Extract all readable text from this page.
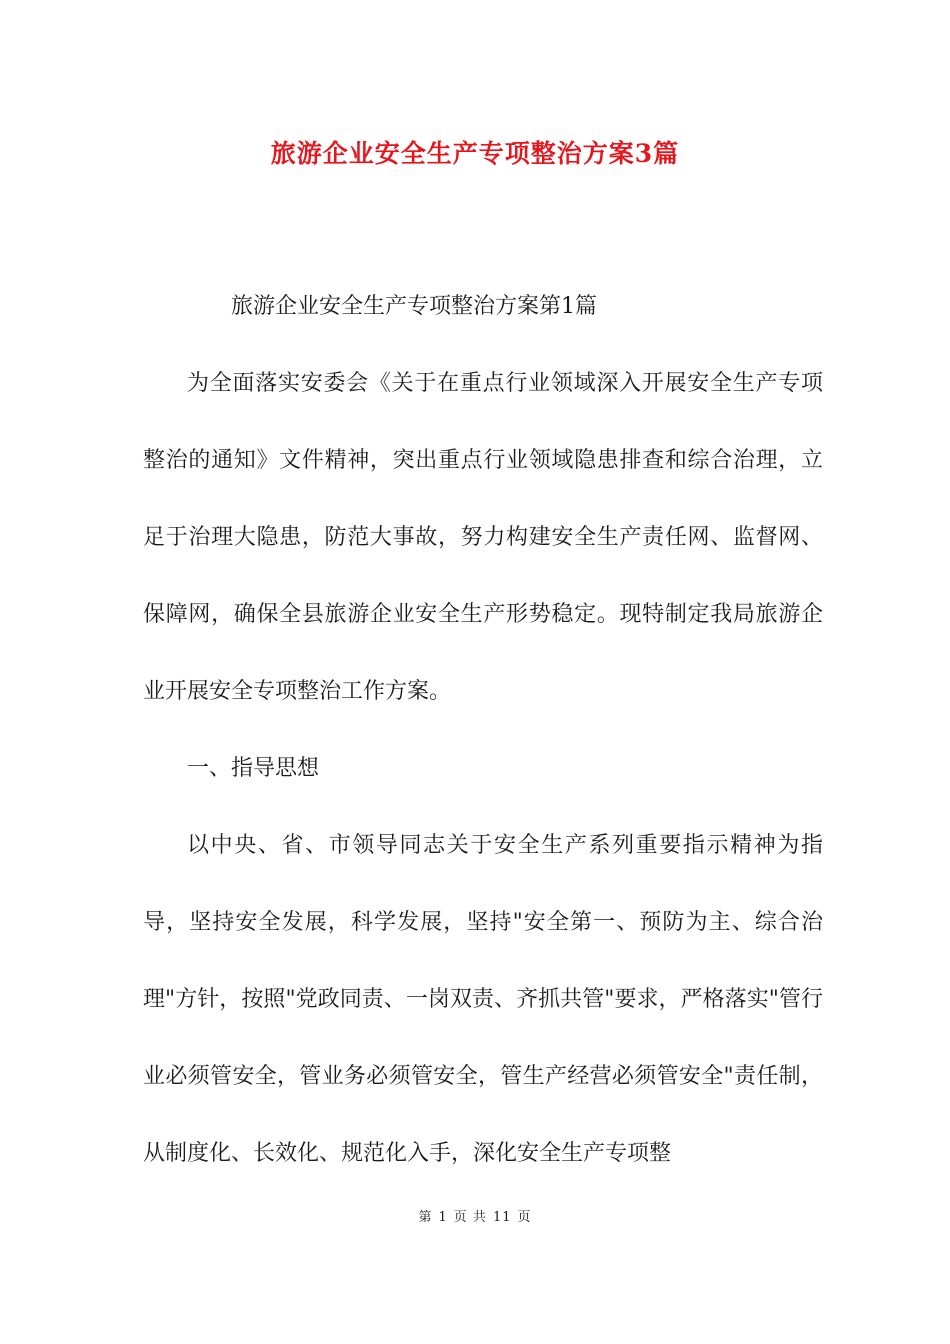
旅游企业安全生产专项整治方案3篇

旅游企业安全生产专项整治方案第1篇

为全面落实安委会《关于在重点行业领域深入开展安全生产专项整治的通知》文件精神，突出重点行业领域隐患排查和综合治理，立足于治理大隐患，防范大事故，努力构建安全生产责任网、监督网、保障网，确保全县旅游企业安全生产形势稳定。现特制定我局旅游企业开展安全专项整治工作方案。

一、指导思想

以中央、省、市领导同志关于安全生产系列重要指示精神为指导，坚持安全发展，科学发展，坚持"安全第一、预防为主、综合治理"方针，按照"党政同责、一岗双责、齐抓共管"要求，严格落实"管行业必须管安全，管业务必须管安全，管生产经营必须管安全"责任制，从制度化、长效化、规范化入手，深化安全生产专项整

第 1 页 共 11 页
